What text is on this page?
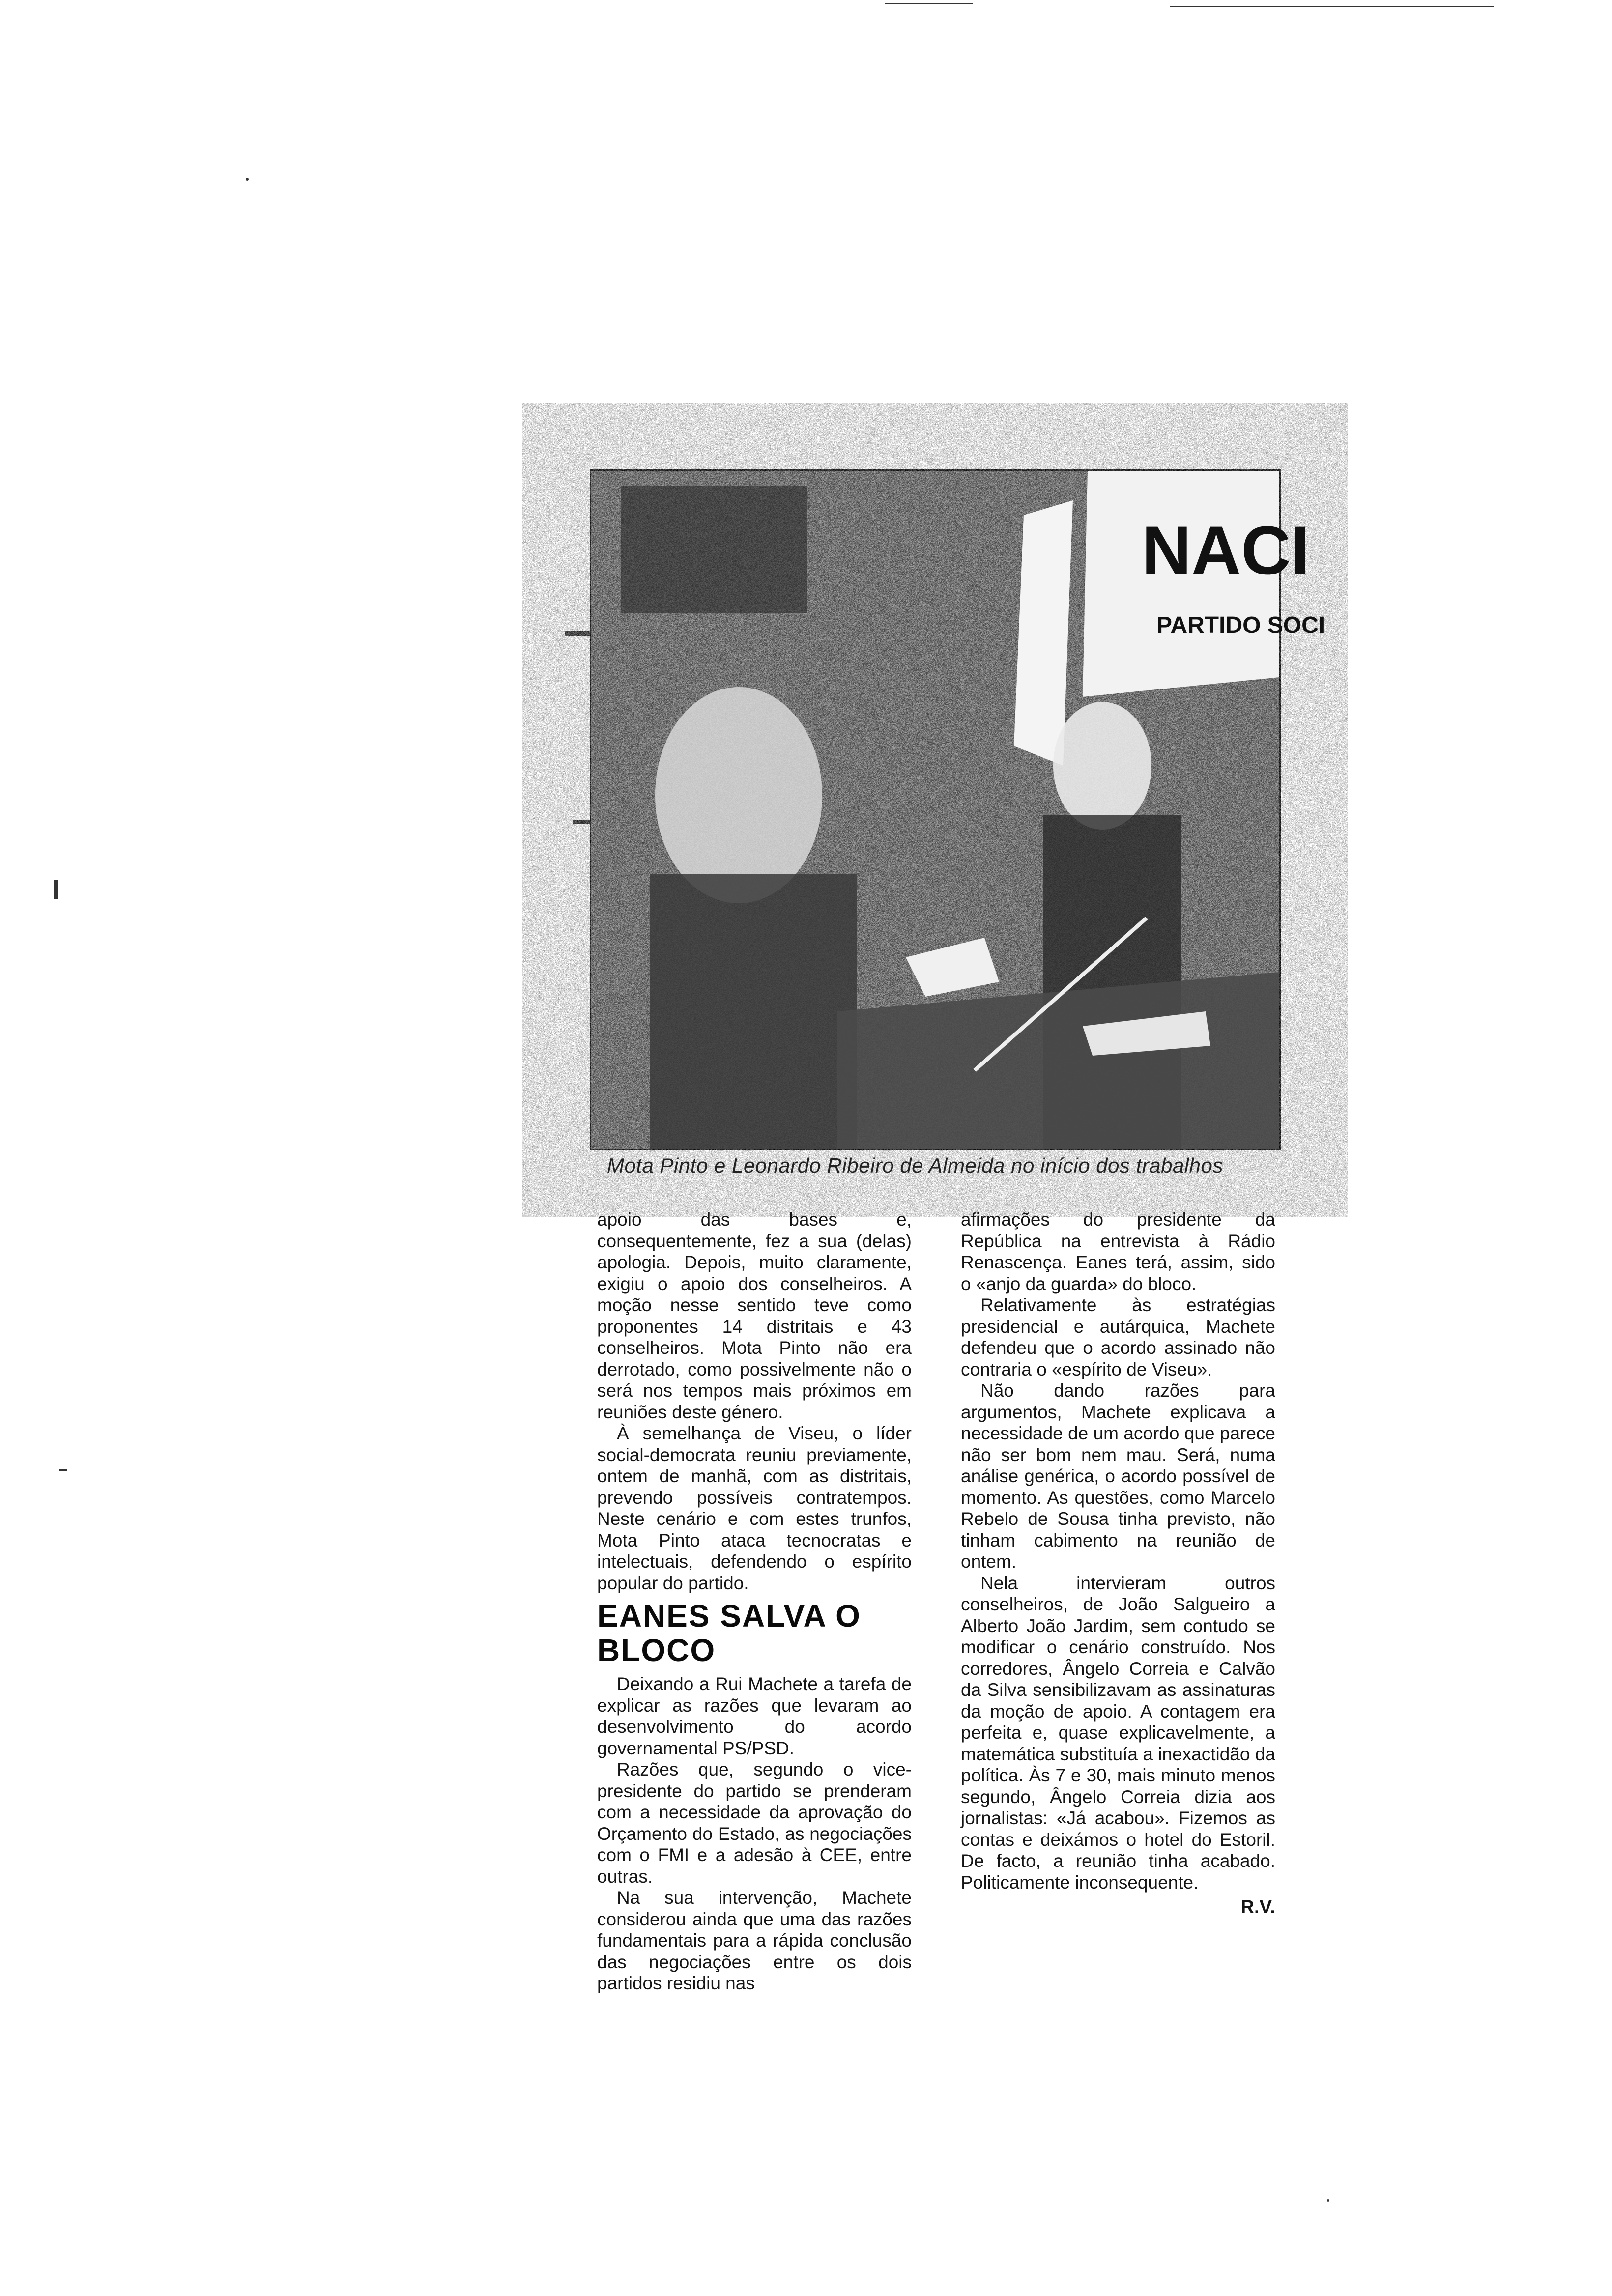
NACI
PARTIDO SOCI
Mota Pinto e Leonardo Ribeiro de Almeida no início dos trabalhos

apoio das bases e, consequentemente, fez a sua (delas) apologia. Depois, muito claramente, exigiu o apoio dos conselheiros. A moção nesse sentido teve como proponentes 14 distritais e 43 conselheiros. Mota Pinto não era derrotado, como possivelmente não o será nos tempos mais próximos em reuniões deste género.

À semelhança de Viseu, o líder social-democrata reuniu previamente, ontem de manhã, com as distritais, prevendo possíveis contratempos. Neste cenário e com estes trunfos, Mota Pinto ataca tecnocratas e intelectuais, defendendo o espírito popular do partido.

EANES SALVA O BLOCO

Deixando a Rui Machete a tarefa de explicar as razões que levaram ao desenvolvimento do acordo governamental PS/PSD.

Razões que, segundo o vice-presidente do partido se prenderam com a necessidade da aprovação do Orçamento do Estado, as negociações com o FMI e a adesão à CEE, entre outras.

Na sua intervenção, Machete considerou ainda que uma das razões fundamentais para a rápida conclusão das negociações entre os dois partidos residiu nas

afirmações do presidente da República na entrevista à Rádio Renascença. Eanes terá, assim, sido o «anjo da guarda» do bloco.

Relativamente às estratégias presidencial e autárquica, Machete defendeu que o acordo assinado não contraria o «espírito de Viseu».

Não dando razões para argumentos, Machete explicava a necessidade de um acordo que parece não ser bom nem mau. Será, numa análise genérica, o acordo possível de momento. As questões, como Marcelo Rebelo de Sousa tinha previsto, não tinham cabimento na reunião de ontem.

Nela intervieram outros conselheiros, de João Salgueiro a Alberto João Jardim, sem contudo se modificar o cenário construído. Nos corredores, Ângelo Correia e Calvão da Silva sensibilizavam as assinaturas da moção de apoio. A contagem era perfeita e, quase explicavelmente, a matemática substituía a inexactidão da política. Às 7 e 30, mais minuto menos segundo, Ângelo Correia dizia aos jornalistas: «Já acabou». Fizemos as contas e deixámos o hotel do Estoril. De facto, a reunião tinha acabado. Politicamente inconsequente.

R.V.
